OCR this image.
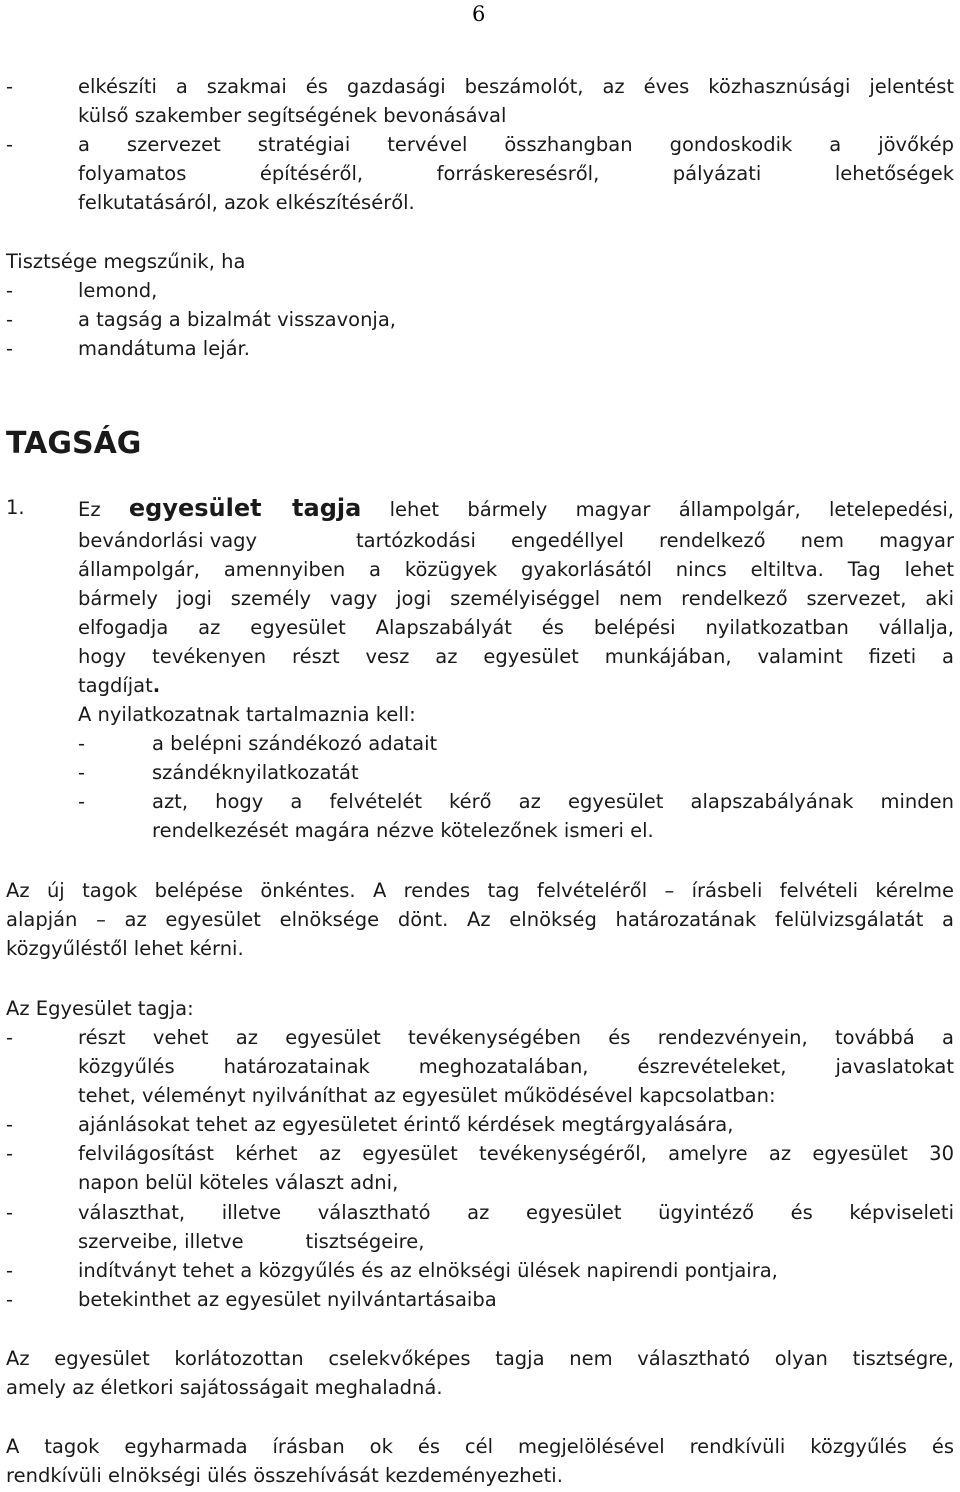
6
-	elkészíti a szakmai és gazdasági beszámolót, az éves közhasznúsági jelentést
külső szakember segítségének bevonásával
-	a szervezet stratégiai tervével összhangban gondoskodik a jövőkép
folyamatos építéséről, forráskeresésről, pályázati lehetőségek
felkutatásáról, azok elkészítéséről.
Tisztsége megszűnik, ha
-	lemond,
-	a tagság a bizalmát visszavonja,
-	mandátuma lejár.
TAGSÁG
1.	Ez egyesület tagja lehet bármely magyar állampolgár, letelepedési,
bevándorlási vagy	tartózkodási engedéllyel rendelkező nem magyar
állampolgár, amennyiben a közügyek gyakorlásától nincs eltiltva. Tag lehet
bármely jogi személy vagy jogi személyiséggel nem rendelkező szervezet, aki
elfogadja az egyesület Alapszabályát és belépési nyilatkozatban vállalja,
hogy tevékenyen részt vesz az egyesület munkájában, valamint fizeti a
tagdíjat.
A nyilatkozatnak tartalmaznia kell:
-	a belépni szándékozó adatait
-	szándéknyilatkozatát
-	azt, hogy a felvételét kérő az egyesület alapszabályának minden
rendelkezését magára nézve kötelezőnek ismeri el.
Az új tagok belépése önkéntes. A rendes tag felvételéről – írásbeli felvételi kérelme
alapján – az egyesület elnöksége dönt. Az elnökség határozatának felülvizsgálatát a
közgyűléstől lehet kérni.
Az Egyesület tagja:
-	részt vehet az egyesület tevékenységében és rendezvényein, továbbá a
közgyűlés határozatainak meghozatalában, észrevételeket, javaslatokat
tehet, véleményt nyilváníthat az egyesület működésével kapcsolatban:
-	ajánlásokat tehet az egyesületet érintő kérdések megtárgyalására,
-	felvilágosítást kérhet az egyesület tevékenységéről, amelyre az egyesület 30
napon belül köteles választ adni,
-	választhat, illetve választható az egyesület ügyintéző és képviseleti
szerveibe, illetve          tisztségeire,
-	indítványt tehet a közgyűlés és az elnökségi ülések napirendi pontjaira,
-	betekinthet az egyesület nyilvántartásaiba
Az egyesület korlátozottan cselekvőképes tagja nem választható olyan tisztségre,
amely az életkori sajátosságait meghaladná.
A tagok egyharmada írásban ok és cél megjelölésével rendkívüli közgyűlés és
rendkívüli elnökségi ülés összehívását kezdeményezheti.
